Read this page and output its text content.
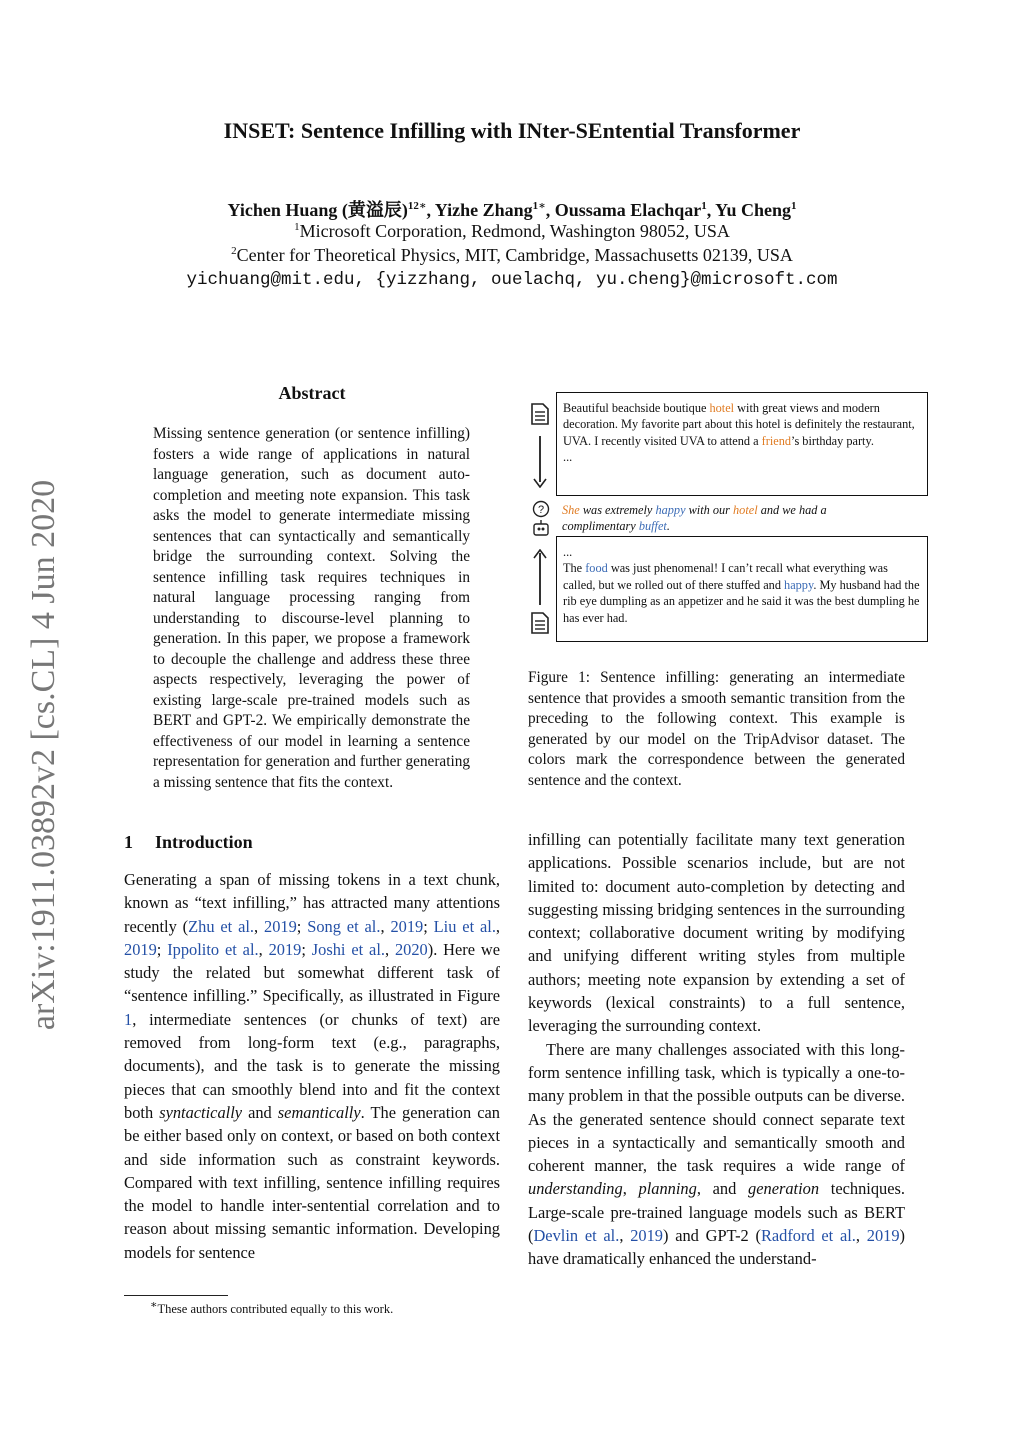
INSET: Sentence Infilling with INter-SEntential Transformer
Yichen Huang (黄溢辰)$^{12∗}$, Yizhe Zhang$^{1∗}$, Oussama Elachqar$^1$, Yu Cheng$^1$
$^1$Microsoft Corporation, Redmond, Washington 98052, USA
$^2$Center for Theoretical Physics, MIT, Cambridge, Massachusetts 02139, USA
yichuang@mit.edu, {yizzhang, ouelachq, yu.cheng}@microsoft.com
arXiv:1911.03892v2 [cs.CL] 4 Jun 2020
Abstract
Missing sentence generation (or sentence infilling) fosters a wide range of applications in natural language generation, such as document auto-completion and meeting note expansion. This task asks the model to generate intermediate missing sentences that can syntactically and semantically bridge the surrounding context. Solving the sentence infilling task requires techniques in natural language processing ranging from understanding to discourse-level planning to generation. In this paper, we propose a framework to decouple the challenge and address these three aspects respectively, leveraging the power of existing large-scale pre-trained models such as BERT and GPT-2. We empirically demonstrate the effectiveness of our model in learning a sentence representation for generation and further generating a missing sentence that fits the context.
1 Introduction
Generating a span of missing tokens in a text chunk, known as “text infilling,” has attracted many attentions recently (Zhu et al., 2019; Song et al., 2019; Liu et al., 2019; Ippolito et al., 2019; Joshi et al., 2020). Here we study the related but somewhat different task of “sentence infilling.” Specifically, as illustrated in Figure 1, intermediate sentences (or chunks of text) are removed from long-form text (e.g., paragraphs, documents), and the task is to generate the missing pieces that can smoothly blend into and fit the context both syntactically and semantically. The generation can be either based only on context, or based on both context and side information such as constraint keywords. Compared with text infilling, sentence infilling requires the model to handle inter-sentential correlation and to reason about missing semantic information. Developing models for sentence
∗These authors contributed equally to this work.
?
Beautiful beachside boutique hotel with great views and modern decoration. My favorite part about this hotel is definitely the restaurant, UVA. I recently visited UVA to attend a friend’s birthday party.
...
She was extremely happy with our hotel and we had a complimentary buffet.
...
The food was just phenomenal! I can’t recall what everything was called, but we rolled out of there stuffed and happy. My husband had the rib eye dumpling as an appetizer and he said it was the best dumpling he has ever had.
Figure 1: Sentence infilling: generating an intermediate sentence that provides a smooth semantic transition from the preceding to the following context. This example is generated by our model on the TripAdvisor dataset. The colors mark the correspondence between the generated sentence and the context.

infilling can potentially facilitate many text generation applications. Possible scenarios include, but are not limited to: document auto-completion by detecting and suggesting missing bridging sentences in the surrounding context; collaborative document writing by modifying and unifying different writing styles from multiple authors; meeting note expansion by extending a set of keywords (lexical constraints) to a full sentence, leveraging the surrounding context.

There are many challenges associated with this long-form sentence infilling task, which is typically a one-to-many problem in that the possible outputs can be diverse. As the generated sentence should connect separate text pieces in a syntactically and semantically smooth and coherent manner, the task requires a wide range of understanding, planning, and generation techniques. Large-scale pre-trained language models such as BERT (Devlin et al., 2019) and GPT-2 (Radford et al., 2019) have dramatically enhanced the understand-
